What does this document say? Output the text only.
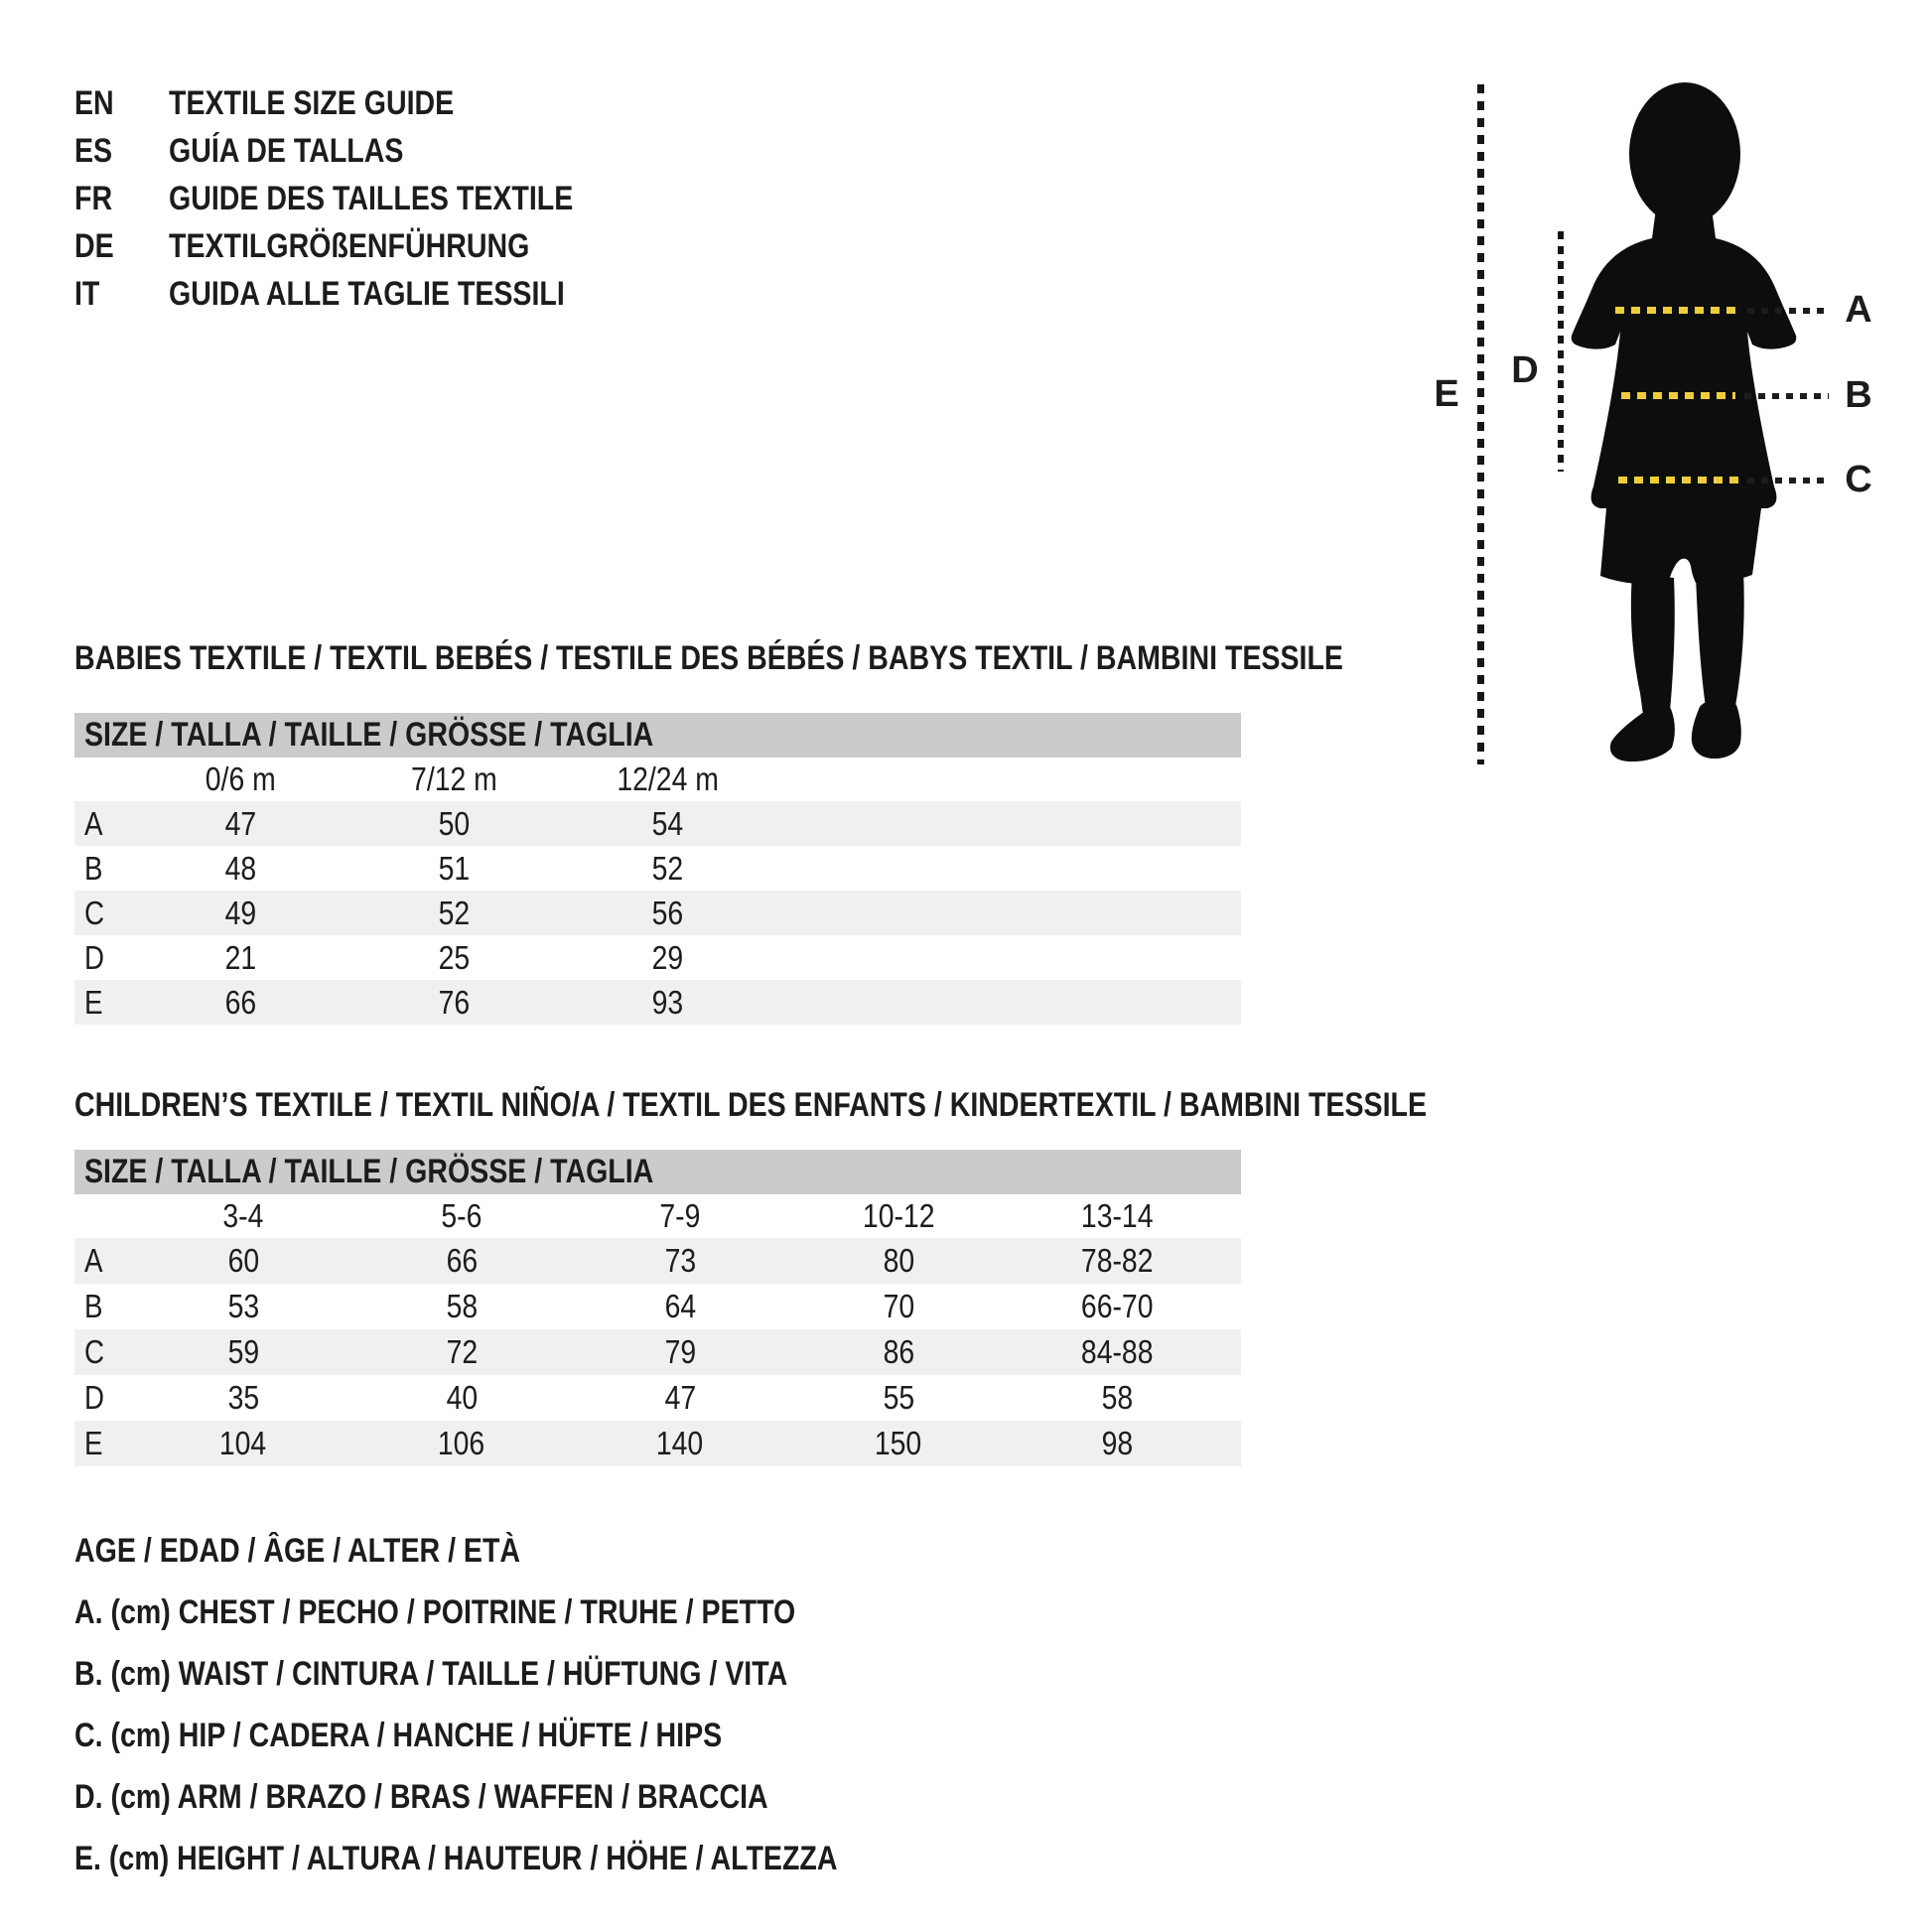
EN	TEXTILE SIZE GUIDE
ES	GUÍA DE TALLAS
FR	GUIDE DES TAILLES TEXTILE
DE	TEXTILGRÖßENFÜHRUNG
IT	GUIDA ALLE TAGLIE TESSILI	A
B
C
D
E
BABIES TEXTILE / TEXTIL BEBÉS / TESTILE DES BÉBÉS / BABYS TEXTIL / BAMBINI TESSILE
SIZE / TALLA / TAILLE / GRÖSSE / TAGLIA
0/6 m	7/12 m	12/24 m
A	47	50	54
B	48	51	52
C	49	52	56
D	21	25	29
E	66	76	93
CHILDREN’S TEXTILE / TEXTIL NIÑO/A / TEXTIL DES ENFANTS / KINDERTEXTIL / BAMBINI TESSILE
SIZE / TALLA / TAILLE / GRÖSSE / TAGLIA
3-4	5-6	7-9	10-12	13-14
A	60	66	73	80	78-82
B	53	58	64	70	66-70
C	59	72	79	86	84-88
D	35	40	47	55	58
E	104	106	140	150	98
AGE / EDAD / ÂGE / ALTER / ETÀ
A. (cm) CHEST / PECHO / POITRINE / TRUHE / PETTO
B. (cm) WAIST / CINTURA / TAILLE / HÜFTUNG / VITA
C. (cm) HIP / CADERA / HANCHE / HÜFTE / HIPS
D. (cm) ARM / BRAZO / BRAS / WAFFEN / BRACCIA
E. (cm) HEIGHT / ALTURA / HAUTEUR / HÖHE / ALTEZZA
